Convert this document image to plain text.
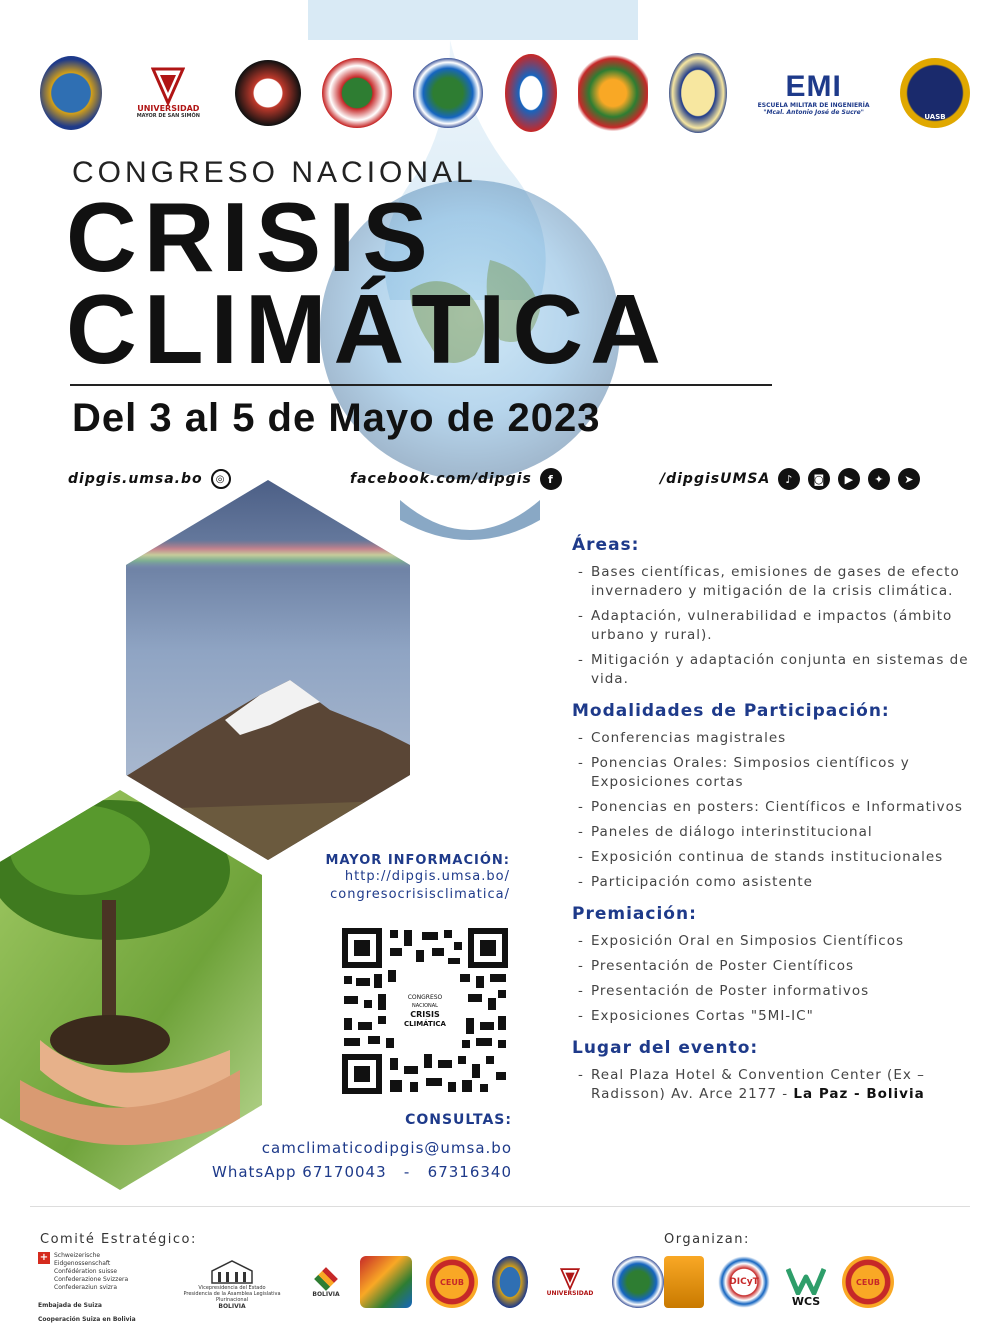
UNIVERSIDAD
MAYOR DE SAN SIMÓN
EMI
ESCUELA MILITAR DE INGENIERÍA
"Mcal. Antonio José de Sucre"
UASB
CONGRESO NACIONAL
CRISIS
CLIMÁTICA
Del 3 al 5 de Mayo de 2023
dipgis.umsa.bo	◎	facebook.com/dipgis	f	/dipgisUMSA	♪	◙	▶	✦	➤
MAYOR INFORMACIÓN:
http://dipgis.umsa.bo/
congresocrisisclimatica/
CONGRESO
NACIONAL
CRISIS
CLIMÁTICA
CONSULTAS:
camclimaticodipgis@umsa.bo
WhatsApp 67170043   -   67316340
Áreas:
- Bases científicas, emisiones de gases de efecto invernadero y mitigación de la crisis climática.
- Adaptación, vulnerabilidad e impactos (ámbito urbano y rural).
- Mitigación y adaptación conjunta en sistemas de vida.
Modalidades de Participación:
- Conferencias magistrales
- Ponencias Orales: Simposios científicos y Exposiciones cortas
- Ponencias en posters: Científicos e Informativos
- Paneles de diálogo interinstitucional
- Exposición continua de stands institucionales
- Participación como asistente
Premiación:
- Exposición Oral en Simposios Científicos
- Presentación de Poster Científicos
- Presentación de Poster informativos
- Exposiciones Cortas "5MI-IC"
Lugar del evento:
- Real Plaza Hotel & Convention Center (Ex – Radisson) Av. Arce 2177 - La Paz - Bolivia
Comité Estratégico:	Organizan:
+ Schweizerische Eidgenossenschaft
Confédération suisse
Confederazione Svizzera
Confederaziun svizra
Embajada de Suiza
Cooperación Suiza en Bolivia
Vicepresidencia del Estado
Presidencia de la Asamblea Legislativa Plurinacional
BOLIVIA
BOLIVIA
CEUB
UNIVERSIDAD
DICyT
WCS
CEUB
